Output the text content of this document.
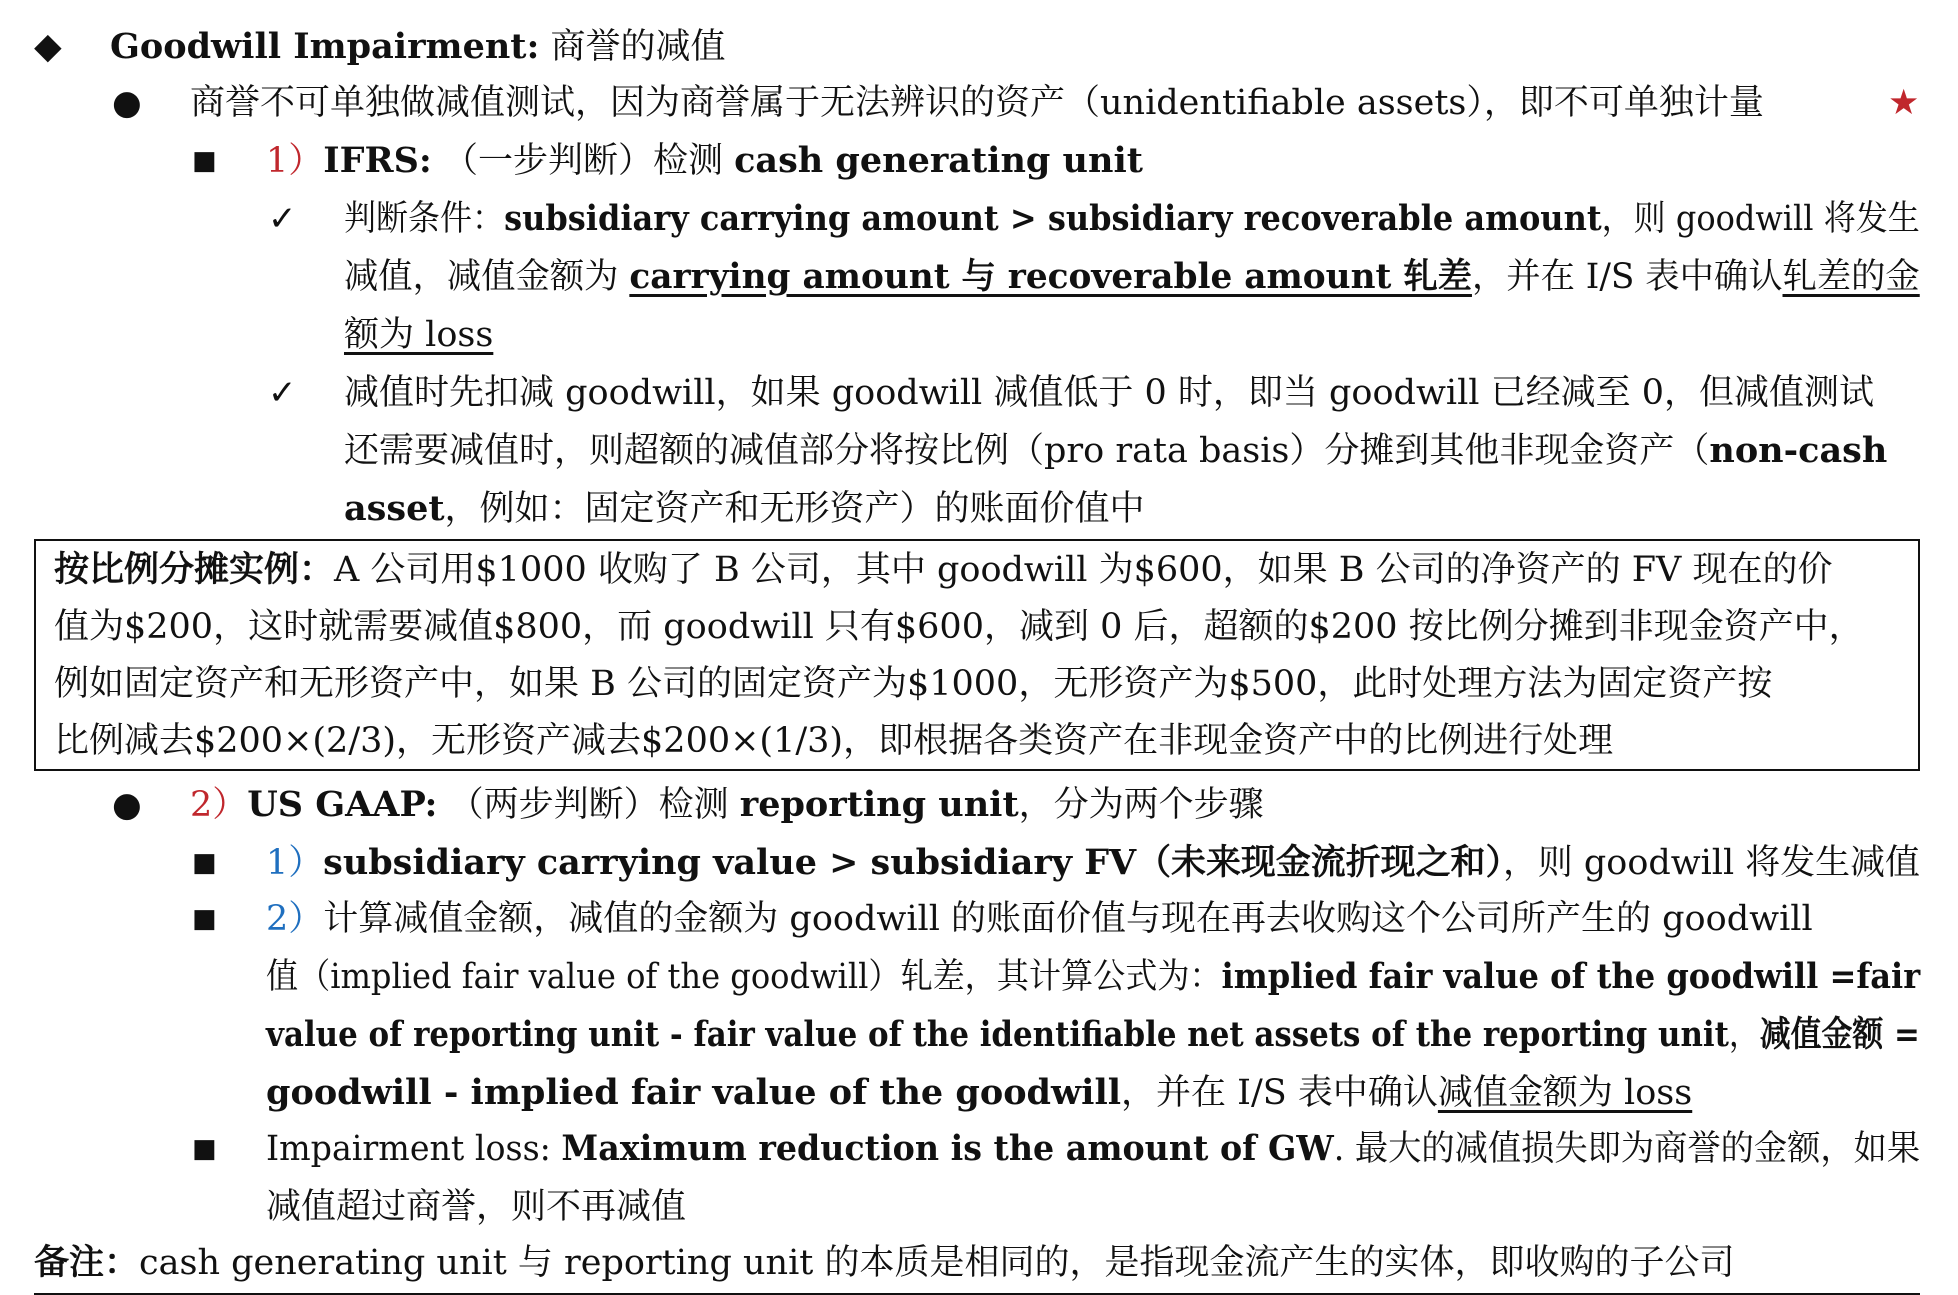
◆ Goodwill Impairment: 商誉的减值
● 商誉不可单独做减值测试，因为商誉属于无法辨识的资产（unidentifiable assets），即不可单独计量	★
■ 1）IFRS: （一步判断）检测 cash generating unit
✓ 判断条件：subsidiary carrying amount > subsidiary recoverable amount，则 goodwill 将发生
减值，减值金额为 carrying amount 与 recoverable amount 轧差，并在 I/S 表中确认轧差的金
额为 loss
✓ 减值时先扣减 goodwill，如果 goodwill 减值低于 0 时，即当 goodwill 已经减至 0，但减值测试
还需要减值时，则超额的减值部分将按比例（pro rata basis）分摊到其他非现金资产（non-cash
asset，例如：固定资产和无形资产）的账面价值中
按比例分摊实例：A 公司用$1000 收购了 B 公司，其中 goodwill 为$600，如果 B 公司的净资产的 FV 现在的价
值为$200，这时就需要减值$800，而 goodwill 只有$600，减到 0 后，超额的$200 按比例分摊到非现金资产中，
例如固定资产和无形资产中，如果 B 公司的固定资产为$1000，无形资产为$500，此时处理方法为固定资产按
比例减去$200×(2/3)，无形资产减去$200×(1/3)，即根据各类资产在非现金资产中的比例进行处理
● 2）US GAAP: （两步判断）检测 reporting unit，分为两个步骤
■ 1）subsidiary carrying value > subsidiary FV（未来现金流折现之和），则 goodwill 将发生减值
■ 2）计算减值金额，减值的金额为 goodwill 的账面价值与现在再去收购这个公司所产生的 goodwill
值（implied fair value of the goodwill）轧差，其计算公式为：implied fair value of the goodwill =fair
value of reporting unit - fair value of the identifiable net assets of the reporting unit，减值金额 =
goodwill - implied fair value of the goodwill，并在 I/S 表中确认减值金额为 loss
■ Impairment loss: Maximum reduction is the amount of GW. 最大的减值损失即为商誉的金额，如果
减值超过商誉，则不再减值
备注：cash generating unit 与 reporting unit 的本质是相同的，是指现金流产生的实体，即收购的子公司
